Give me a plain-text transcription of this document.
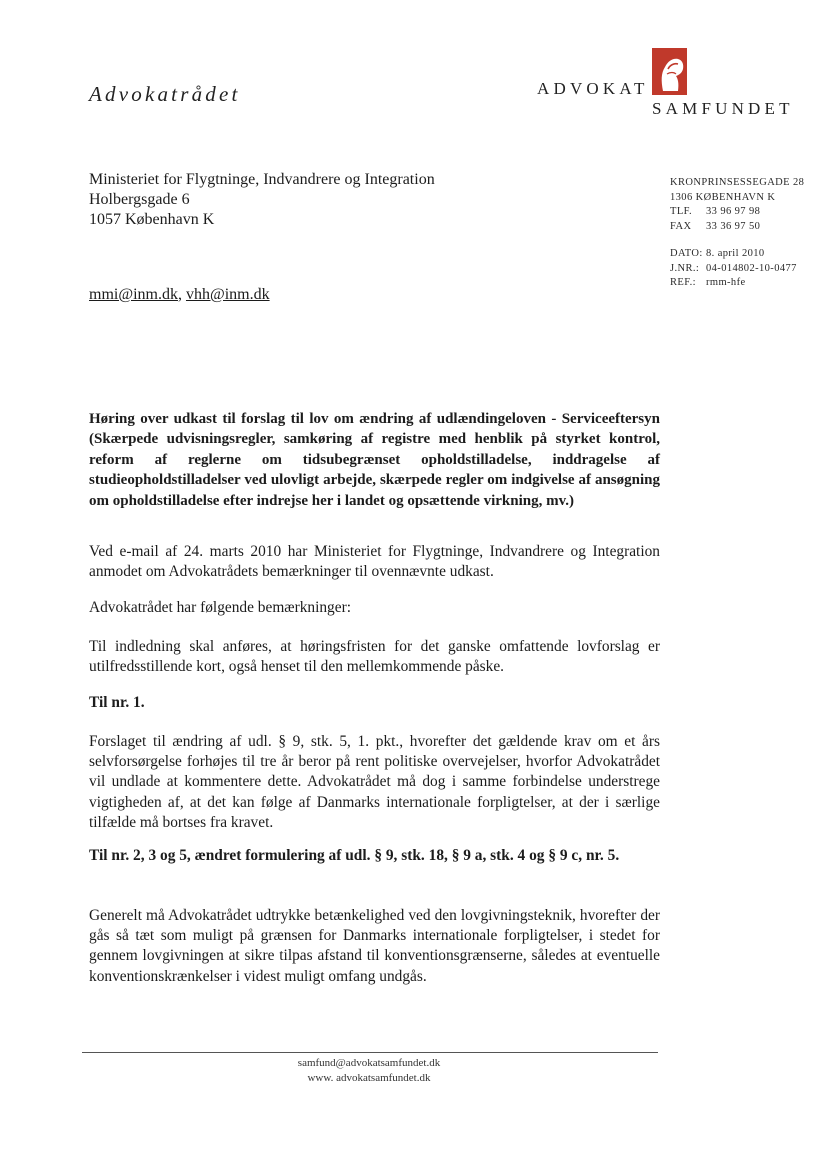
Advokatrådet	ADVOKAT
SAMFUNDET
Ministeriet for Flygtninge, Indvandrere og Integration
Holbergsgade 6
1057 København K
mmi@inm.dk, vhh@inm.dk
KRONPRINSESSEGADE 28
1306 KØBENHAVN K
TLF. 33 96 97 98
FAX 33 36 97 50
DATO: 8. april 2010
J.NR.: 04-014802-10-0477
REF.: rmm-hfe
Høring over udkast til forslag til lov om ændring af udlændingeloven - Serviceeftersyn (Skærpede udvisningsregler, samkøring af registre med henblik på styrket kontrol, reform af reglerne om tidsubegrænset opholdstilladelse, inddragelse af studieopholdstilladelser ved ulovligt arbejde, skærpede regler om indgivelse af ansøgning om opholdstilladelse efter indrejse her i landet og opsættende virkning, mv.)
Ved e-mail af 24. marts 2010 har Ministeriet for Flygtninge, Indvandrere og Integration anmodet om Advokatrådets bemærkninger til ovennævnte udkast.
Advokatrådet har følgende bemærkninger:
Til indledning skal anføres, at høringsfristen for det ganske omfattende lovforslag er utilfredsstillende kort, også henset til den mellemkommende påske.
Til nr. 1.
Forslaget til ændring af udl. § 9, stk. 5, 1. pkt., hvorefter det gældende krav om et års selvforsørgelse forhøjes til tre år beror på rent politiske overvejelser, hvorfor Advokatrådet vil undlade at kommentere dette. Advokatrådet må dog i samme forbindelse understrege vigtigheden af, at det kan følge af Danmarks internationale forpligtelser, at der i særlige tilfælde må bortses fra kravet.
Til nr. 2, 3 og 5, ændret formulering af udl. § 9, stk. 18, § 9 a, stk. 4 og § 9 c, nr. 5.
Generelt må Advokatrådet udtrykke betænkelighed ved den lovgivningsteknik, hvorefter der gås så tæt som muligt på grænsen for Danmarks internationale forpligtelser, i stedet for gennem lovgivningen at sikre tilpas afstand til konventionsgrænserne, således at eventuelle konventionskrænkelser i videst muligt omfang undgås.
samfund@advokatsamfundet.dk
www. advokatsamfundet.dk
